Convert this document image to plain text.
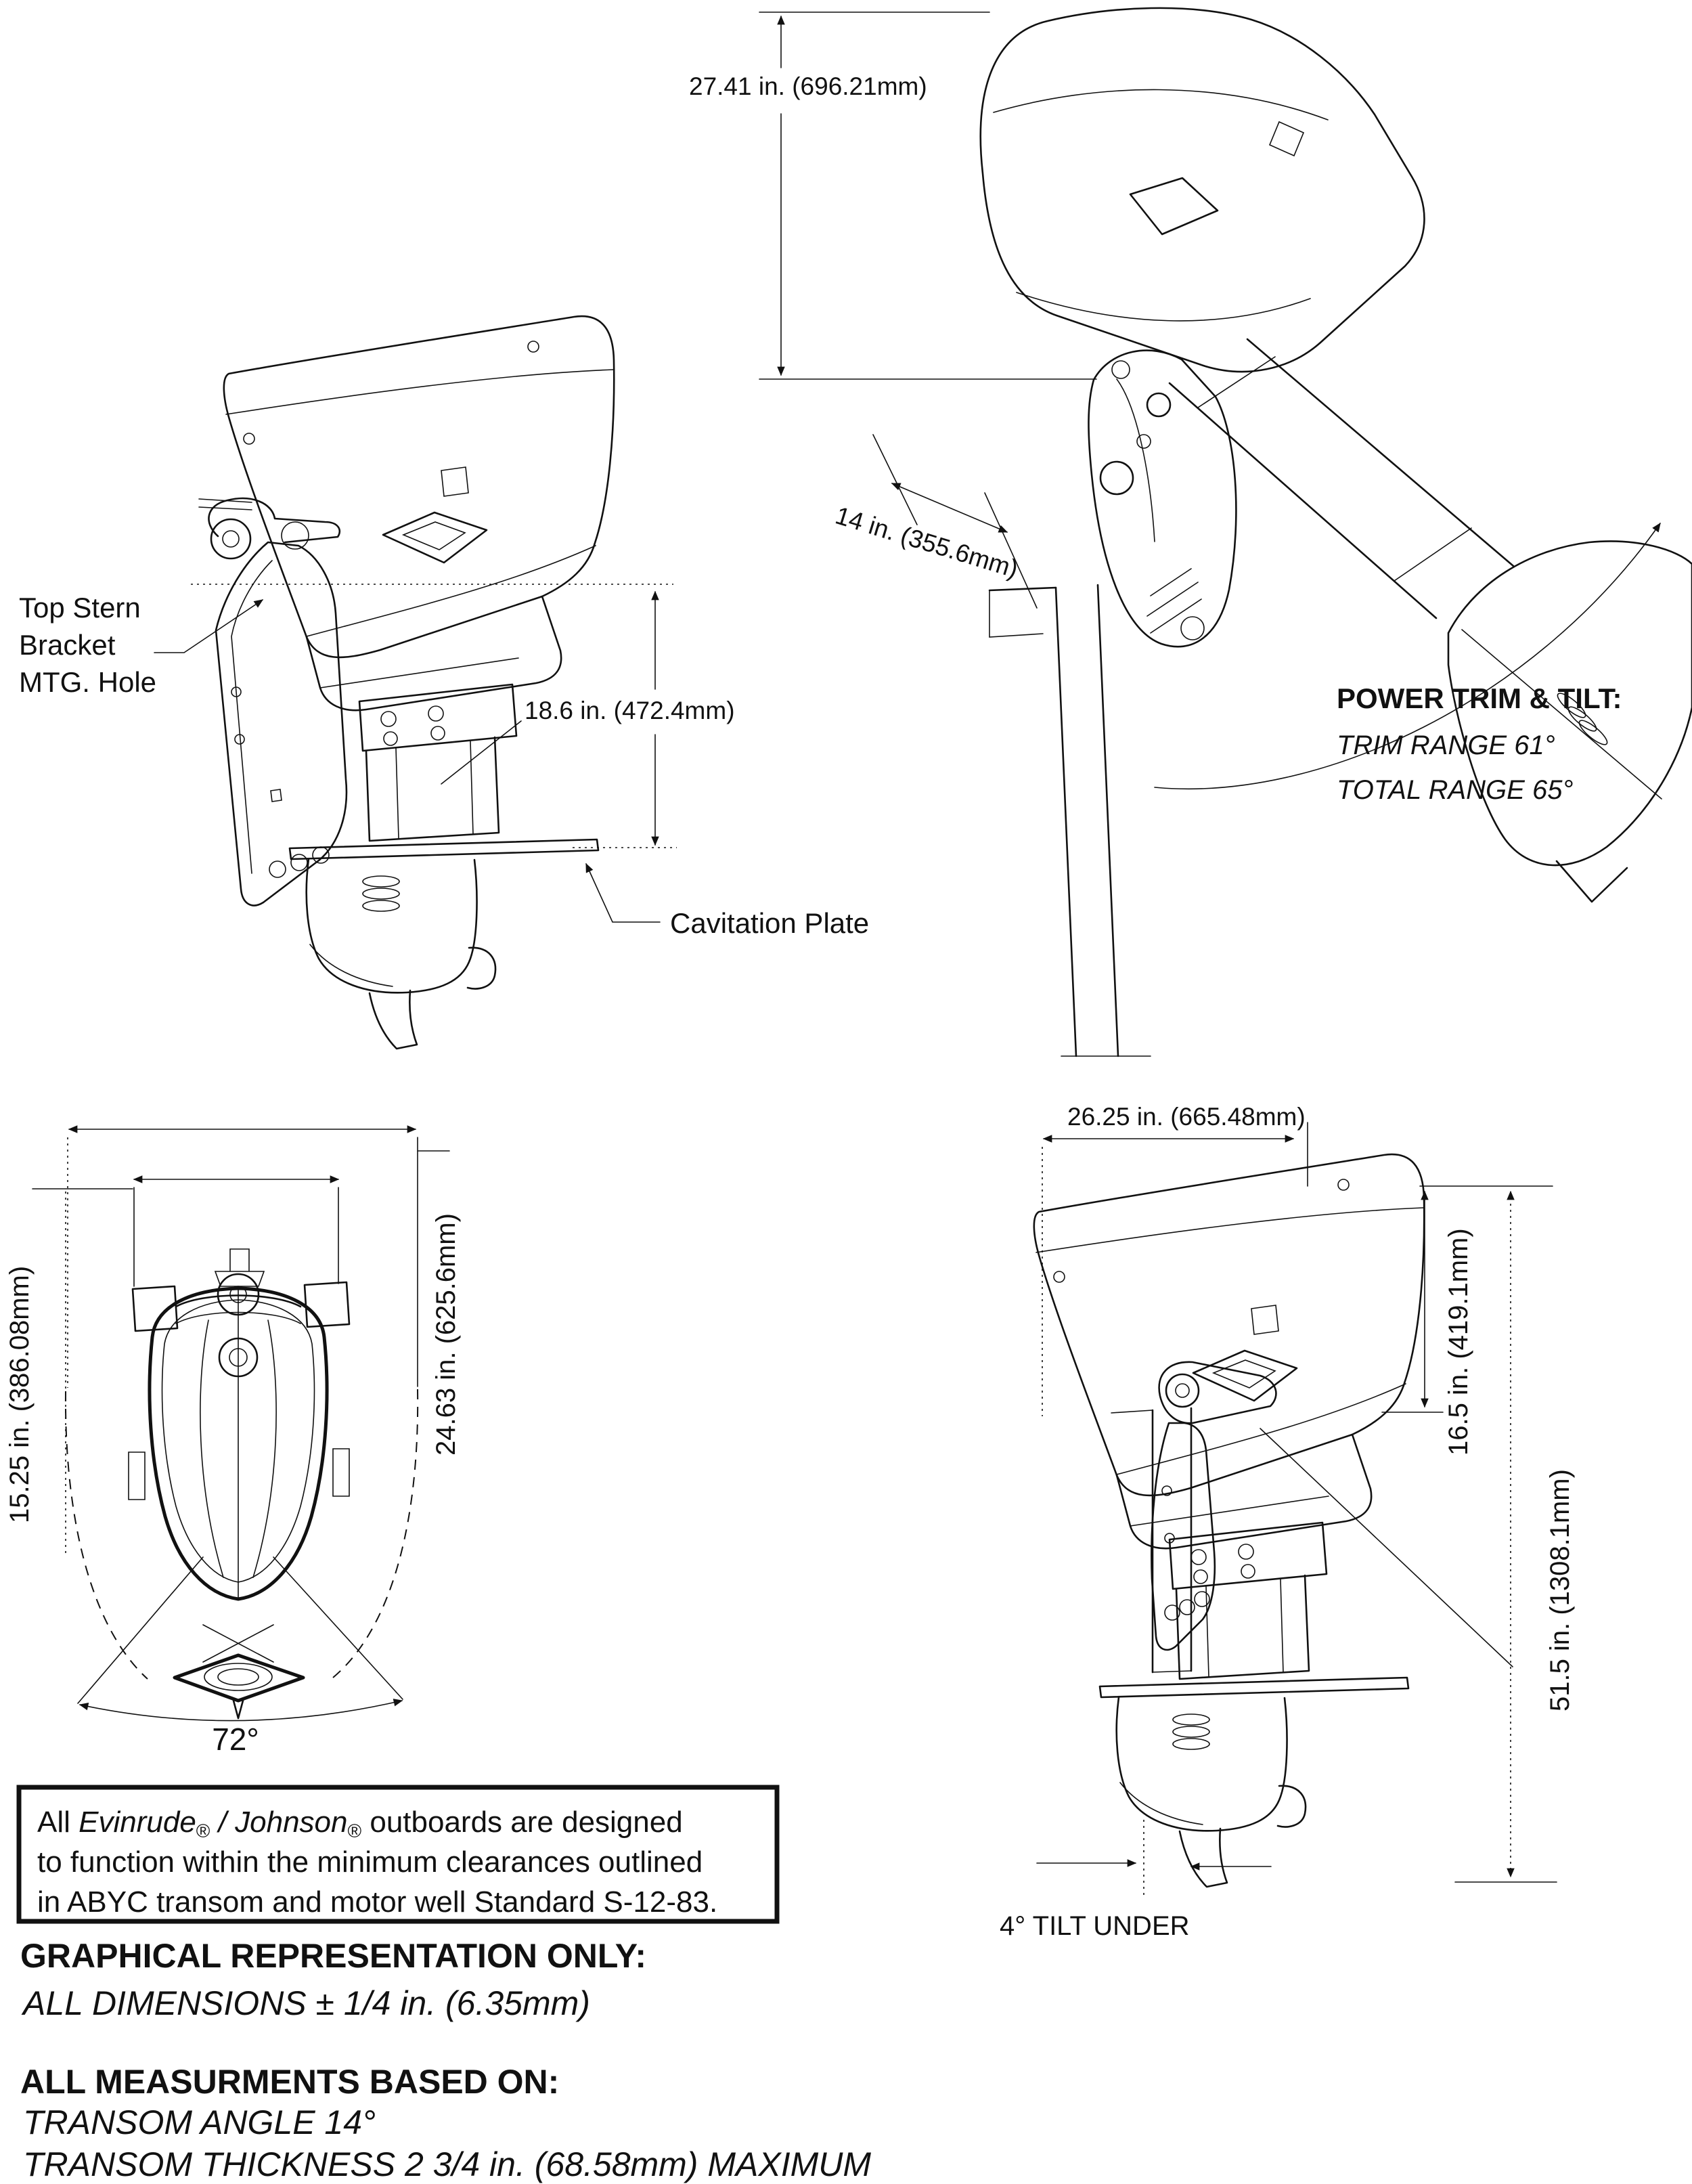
18.6 in. (472.4mm)
Top Stern
Bracket
MTG. Hole
Cavitation Plate
27.41 in. (696.21mm)
14 in. (355.6mm)
POWER TRIM & TILT:
TRIM RANGE 61°
TOTAL RANGE 65°
72°
15.25 in. (386.08mm)	24.63 in. (625.6mm)
26.25 in. (665.48mm)
16.5 in. (419.1mm)
51.5 in. (1308.1mm)
4° TILT UNDER
All Evinrude® / Johnson® outboards are designed
to function within the minimum clearances outlined
in ABYC transom and motor well Standard S-12-83.
GRAPHICAL REPRESENTATION ONLY:
ALL DIMENSIONS ± 1/4 in. (6.35mm)
ALL MEASURMENTS BASED ON:
TRANSOM ANGLE 14°
TRANSOM THICKNESS 2 3/4 in. (68.58mm) MAXIMUM
